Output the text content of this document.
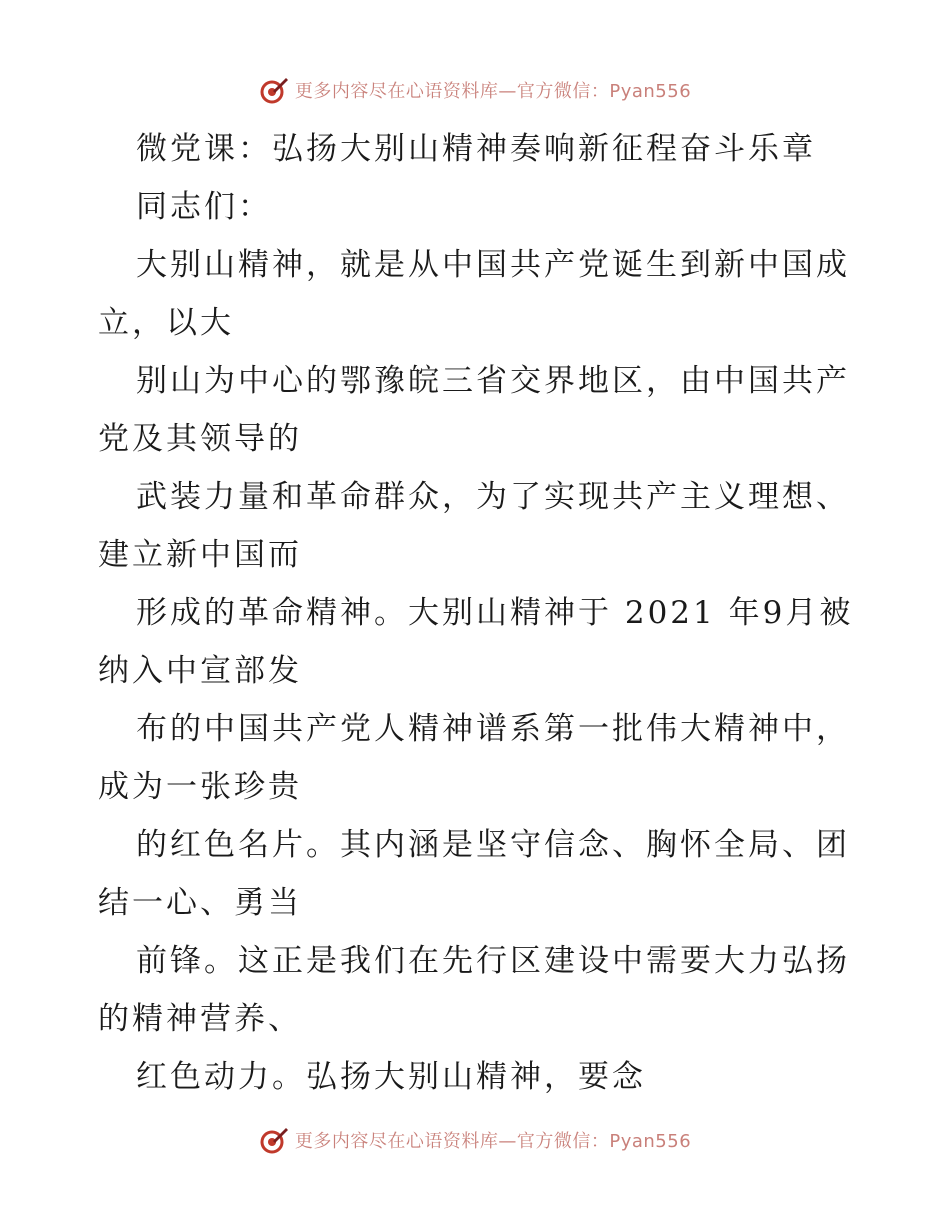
更多内容尽在心语资料库—官方微信：Pyan556
微党课：弘扬大别山精神奏响新征程奋斗乐章
同志们：
大别山精神，就是从中国共产党诞生到新中国成
立，以大
别山为中心的鄂豫皖三省交界地区，由中国共产
党及其领导的
武装力量和革命群众，为了实现共产主义理想、
建立新中国而
形成的革命精神。大别山精神于 2021 年9月被
纳入中宣部发
布的中国共产党人精神谱系第一批伟大精神中，
成为一张珍贵
的红色名片。其内涵是坚守信念、胸怀全局、团
结一心、勇当
前锋。这正是我们在先行区建设中需要大力弘扬
的精神营养、
红色动力。弘扬大别山精神，要念
更多内容尽在心语资料库—官方微信：Pyan556
